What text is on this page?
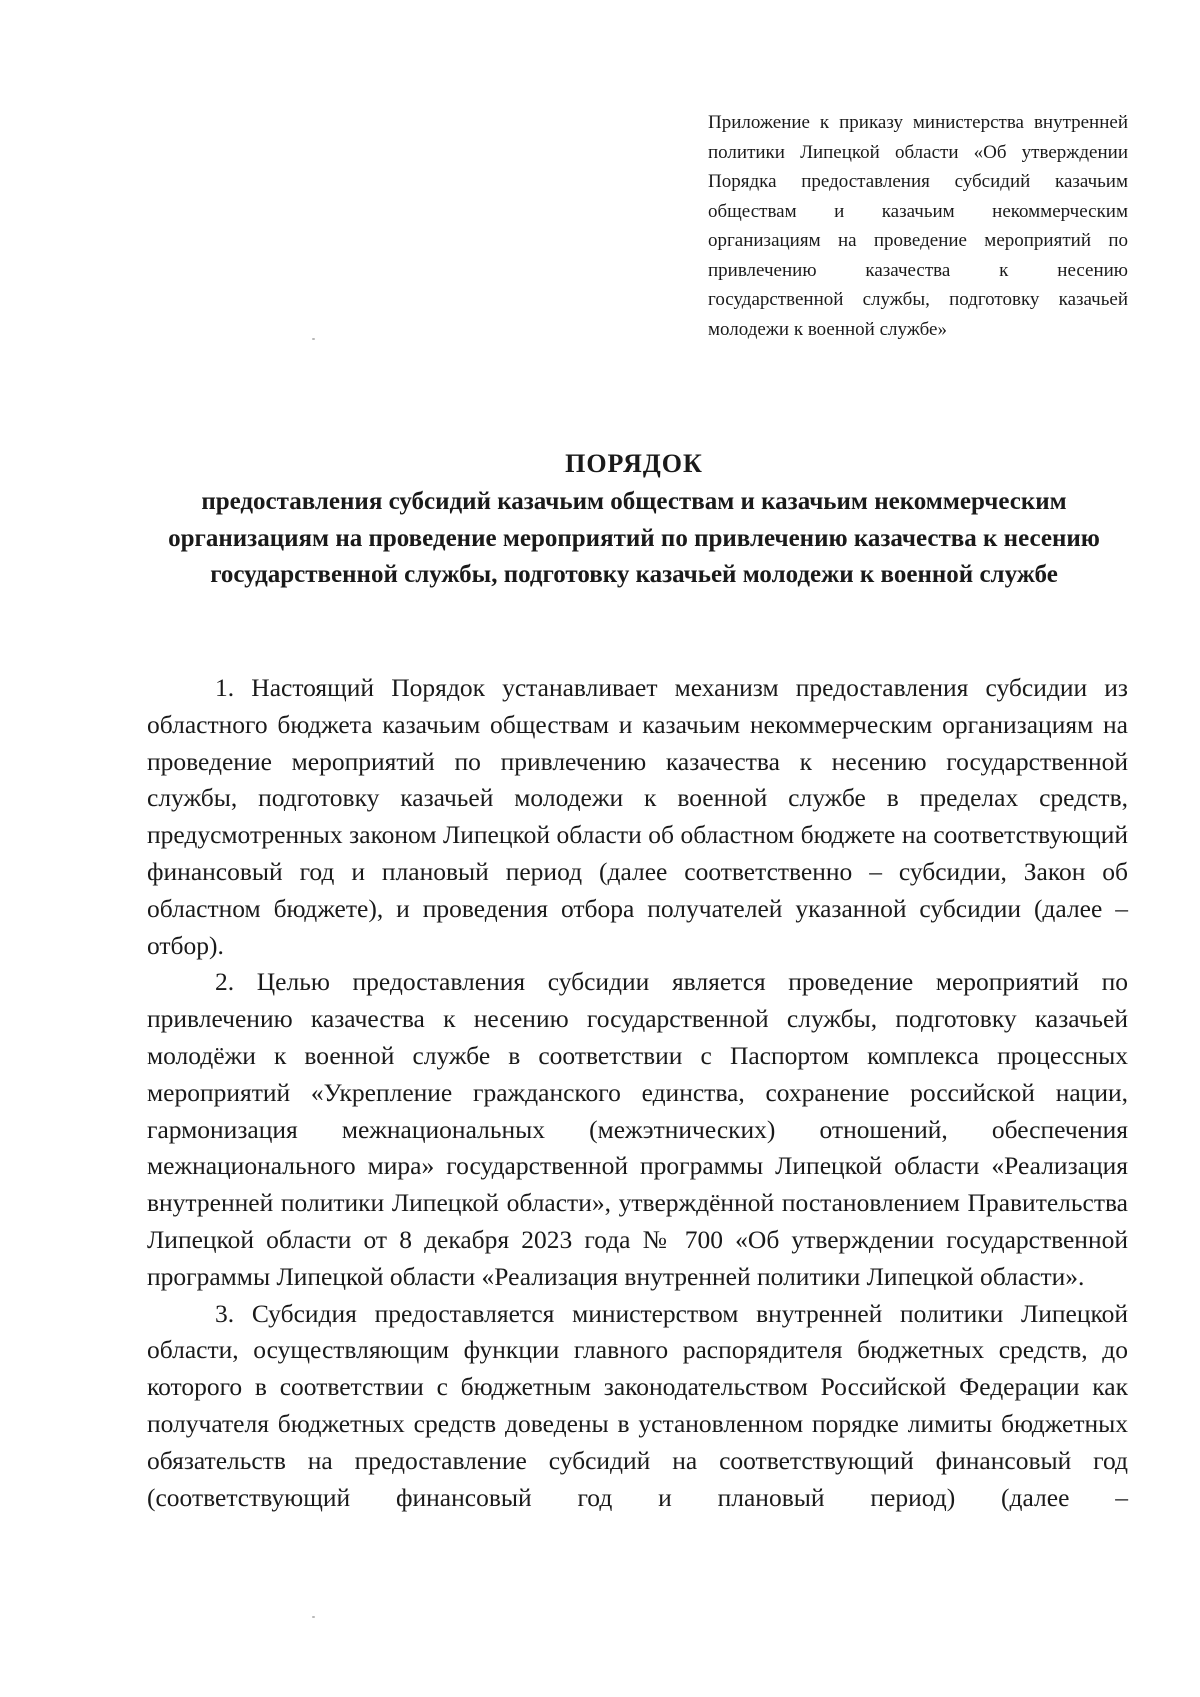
Приложение к приказу министерства внутренней политики Липецкой области «Об утверждении Порядка предоставления субсидий казачьим обществам и казачьим некоммерческим организациям на проведение мероприятий по привлечению казачества к несению государственной службы, подготовку казачьей молодежи к военной службе»
ПОРЯДОК
предоставления субсидий казачьим обществам и казачьим некоммерческим организациям на проведение мероприятий по привлечению казачества к несению государственной службы, подготовку казачьей молодежи к военной службе

1. Настоящий Порядок устанавливает механизм предоставления субсидии из областного бюджета казачьим обществам и казачьим некоммерческим организациям на проведение мероприятий по привлечению казачества к несению государственной службы, подготовку казачьей молодежи к военной службе в пределах средств, предусмотренных законом Липецкой области об областном бюджете на соответствующий финансовый год и плановый период (далее соответственно – субсидии, Закон об областном бюджете), и проведения отбора получателей указанной субсидии (далее – отбор).

2. Целью предоставления субсидии является проведение мероприятий по привлечению казачества к несению государственной службы, подготовку казачьей молодёжи к военной службе в соответствии с Паспортом комплекса процессных мероприятий «Укрепление гражданского единства, сохранение российской нации, гармонизация межнациональных (межэтнических) отношений, обеспечения межнационального мира» государственной программы Липецкой области «Реализация внутренней политики Липецкой области», утверждённой постановлением Правительства Липецкой области от 8 декабря 2023 года № 700 «Об утверждении государственной программы Липецкой области «Реализация внутренней политики Липецкой области».

3. Субсидия предоставляется министерством внутренней политики Липецкой области, осуществляющим функции главного распорядителя бюджетных средств, до которого в соответствии с бюджетным законодательством Российской Федерации как получателя бюджетных средств доведены в установленном порядке лимиты бюджетных обязательств на предоставление субсидий на соответствующий финансовый год (соответствующий финансовый год и плановый период) (далее –
